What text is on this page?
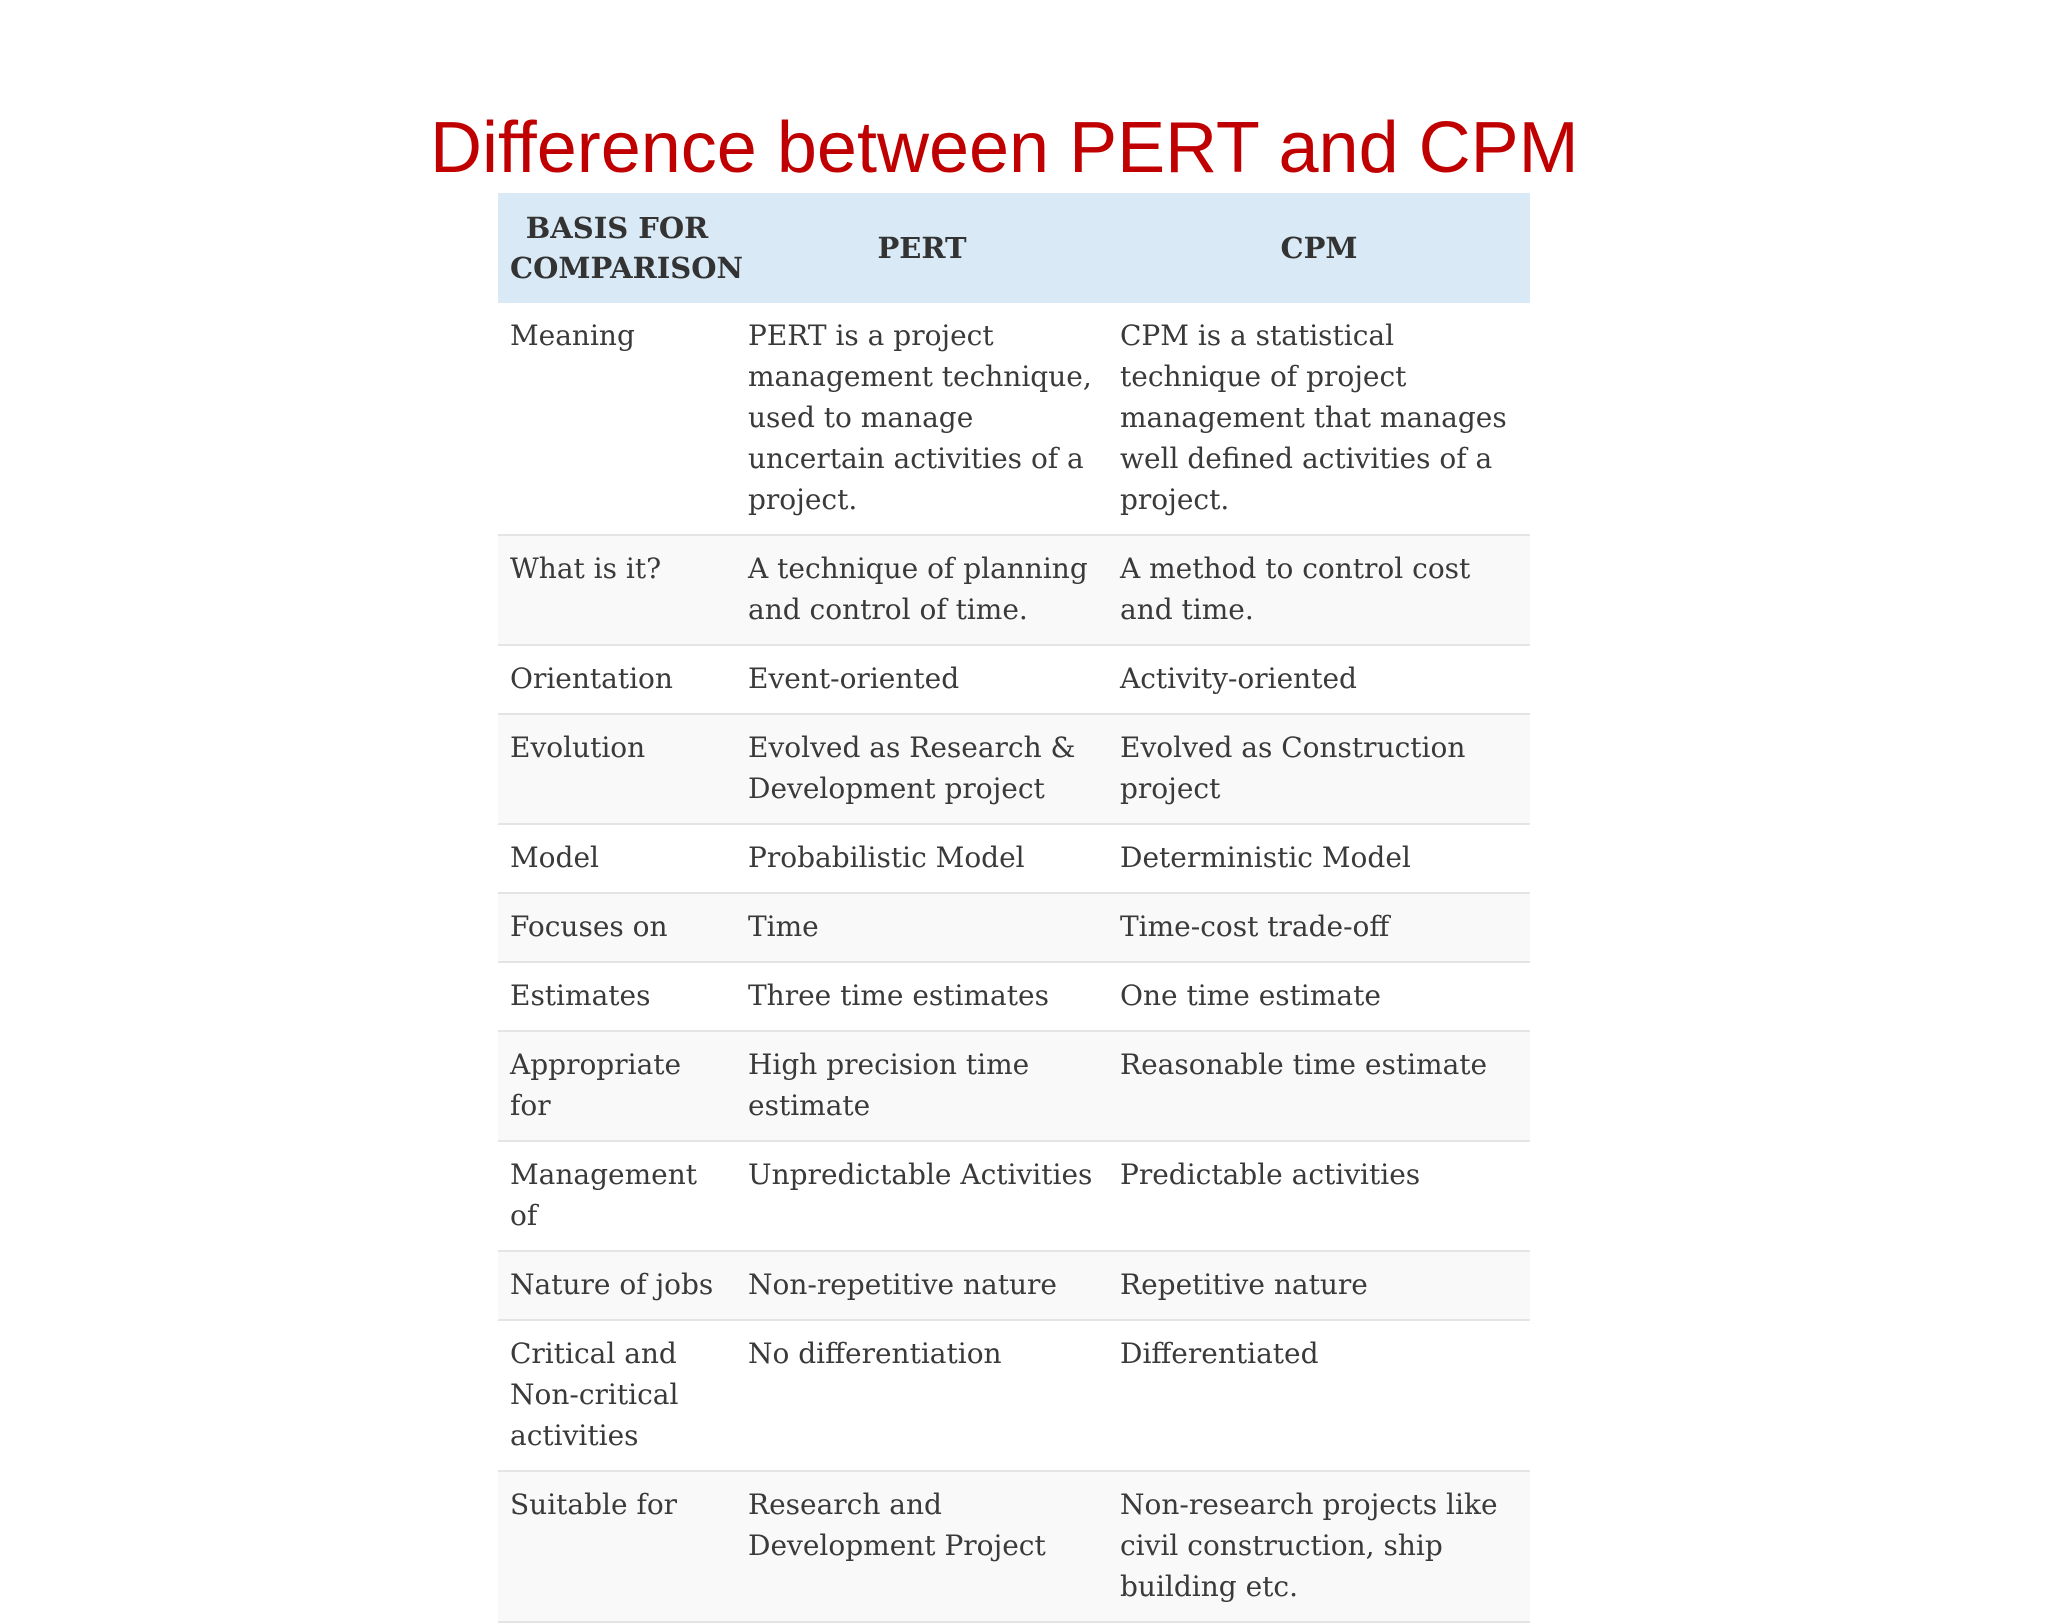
Difference between PERT and CPM
BASIS FOR COMPARISON	PERT	CPM
Meaning	PERT is a project management technique, used to manage uncertain activities of a project.	CPM is a statistical technique of project management that manages well defined activities of a project.
What is it?	A technique of planning and control of time.	A method to control cost and time.
Orientation	Event-oriented	Activity-oriented
Evolution	Evolved as Research & Development project	Evolved as Construction project
Model	Probabilistic Model	Deterministic Model
Focuses on	Time	Time-cost trade-off
Estimates	Three time estimates	One time estimate
Appropriate for	High precision time estimate	Reasonable time estimate
Management of	Unpredictable Activities	Predictable activities
Nature of jobs	Non-repetitive nature	Repetitive nature
Critical and Non-critical activities	No differentiation	Differentiated
Suitable for	Research and Development Project	Non-research projects like civil construction, ship building etc.
